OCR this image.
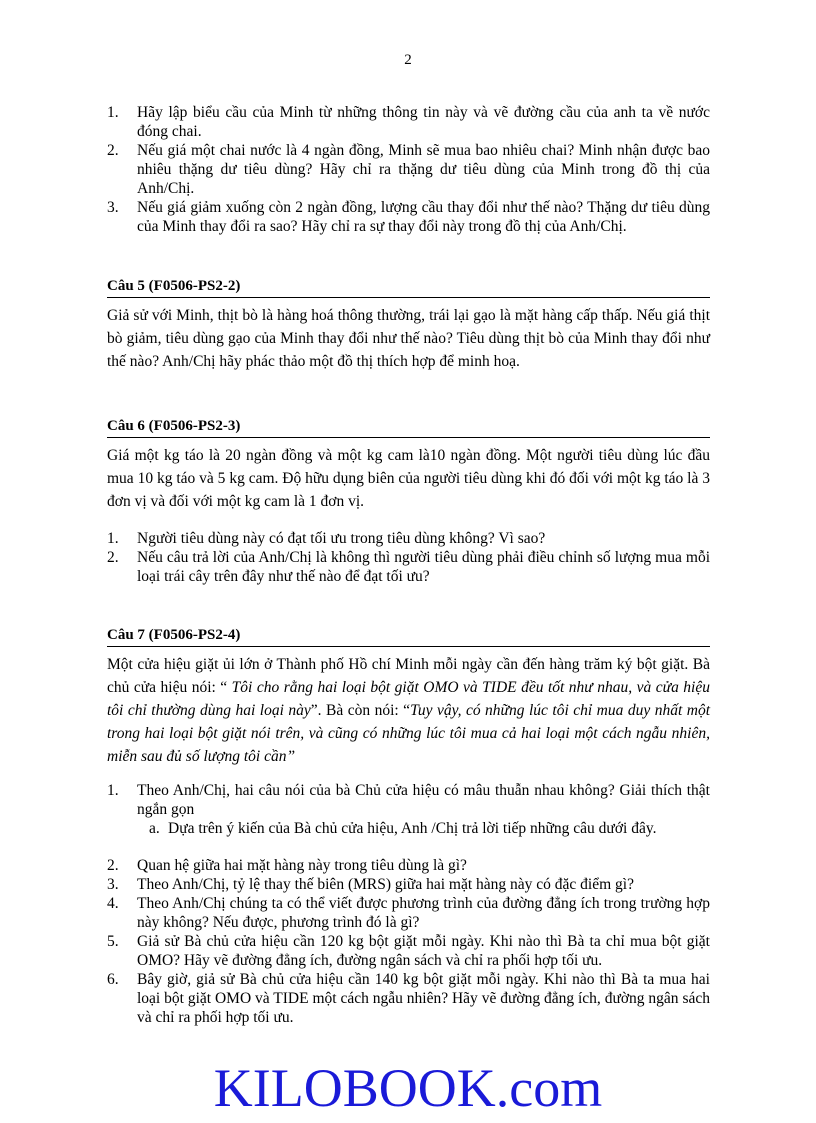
2
1. Hãy lập biểu cầu của Minh từ những thông tin này và vẽ đường cầu của anh ta về nước đóng chai.
2. Nếu giá một chai nước là 4 ngàn đồng, Minh sẽ mua bao nhiêu chai? Minh nhận được bao nhiêu thặng dư tiêu dùng? Hãy chỉ ra thặng dư tiêu dùng của Minh trong đồ thị của Anh/Chị.
3. Nếu giá giảm xuống còn 2 ngàn đồng, lượng cầu thay đổi như thế nào? Thặng dư tiêu dùng của Minh thay đổi ra sao? Hãy chỉ ra sự thay đổi này trong đồ thị của Anh/Chị.
Câu 5 (F0506-PS2-2)

Giả sử với Minh, thịt bò là hàng hoá thông thường, trái lại gạo là mặt hàng cấp thấp. Nếu giá thịt bò giảm, tiêu dùng gạo của Minh thay đổi như thế nào? Tiêu dùng thịt bò của Minh thay đổi như thế nào? Anh/Chị hãy phác thảo một đồ thị thích hợp để minh hoạ.

Câu 6 (F0506-PS2-3)

Giá một kg táo là 20 ngàn đồng và một kg cam là10 ngàn đồng. Một người tiêu dùng lúc đầu mua 10 kg táo và 5 kg cam. Độ hữu dụng biên của người tiêu dùng khi đó đối với một kg táo là 3 đơn vị và đối với một kg cam là 1 đơn vị.

1. Người tiêu dùng này có đạt tối ưu trong tiêu dùng không? Vì sao?
2. Nếu câu trả lời của Anh/Chị là không thì người tiêu dùng phải điều chỉnh số lượng mua mỗi loại trái cây trên đây như thế nào để đạt tối ưu?
Câu 7 (F0506-PS2-4)

Một cửa hiệu giặt ủi lớn ở Thành phố Hồ chí Minh mỗi ngày cần đến hàng trăm ký bột giặt. Bà chủ cửa hiệu nói: “ Tôi cho rằng hai loại bột giặt OMO và TIDE đều tốt như nhau, và cửa hiệu tôi chỉ thường dùng hai loại này”. Bà còn nói: “Tuy vậy, có những lúc tôi chỉ mua duy nhất một trong hai loại bột giặt nói trên, và cũng có những lúc tôi mua cả hai loại một cách ngẫu nhiên, miễn sau đủ số lượng tôi cần”

1. Theo Anh/Chị, hai câu nói của bà Chủ cửa hiệu có mâu thuẫn nhau không? Giải thích thật ngắn gọn
a. Dựa trên ý kiến của Bà chủ cửa hiệu, Anh /Chị trả lời tiếp những câu dưới đây.
2. Quan hệ giữa hai mặt hàng này trong tiêu dùng là gì?
3. Theo Anh/Chị, tỷ lệ thay thế biên (MRS) giữa hai mặt hàng này có đặc điểm gì?
4. Theo Anh/Chị chúng ta có thể viết được phương trình của đường đẳng ích trong trường hợp này không? Nếu được, phương trình đó là gì?
5. Giả sử Bà chủ cửa hiệu cần 120 kg bột giặt mỗi ngày. Khi nào thì Bà ta chỉ mua bột giặt OMO? Hãy vẽ đường đẳng ích, đường ngân sách và chỉ ra phối hợp tối ưu.
6. Bây giờ, giả sử Bà chủ cửa hiệu cần 140 kg bột giặt mỗi ngày. Khi nào thì Bà ta mua hai loại bột giặt OMO và TIDE một cách ngẫu nhiên? Hãy vẽ đường đẳng ích, đường ngân sách và chỉ ra phối hợp tối ưu.
KILOBOOK.com
